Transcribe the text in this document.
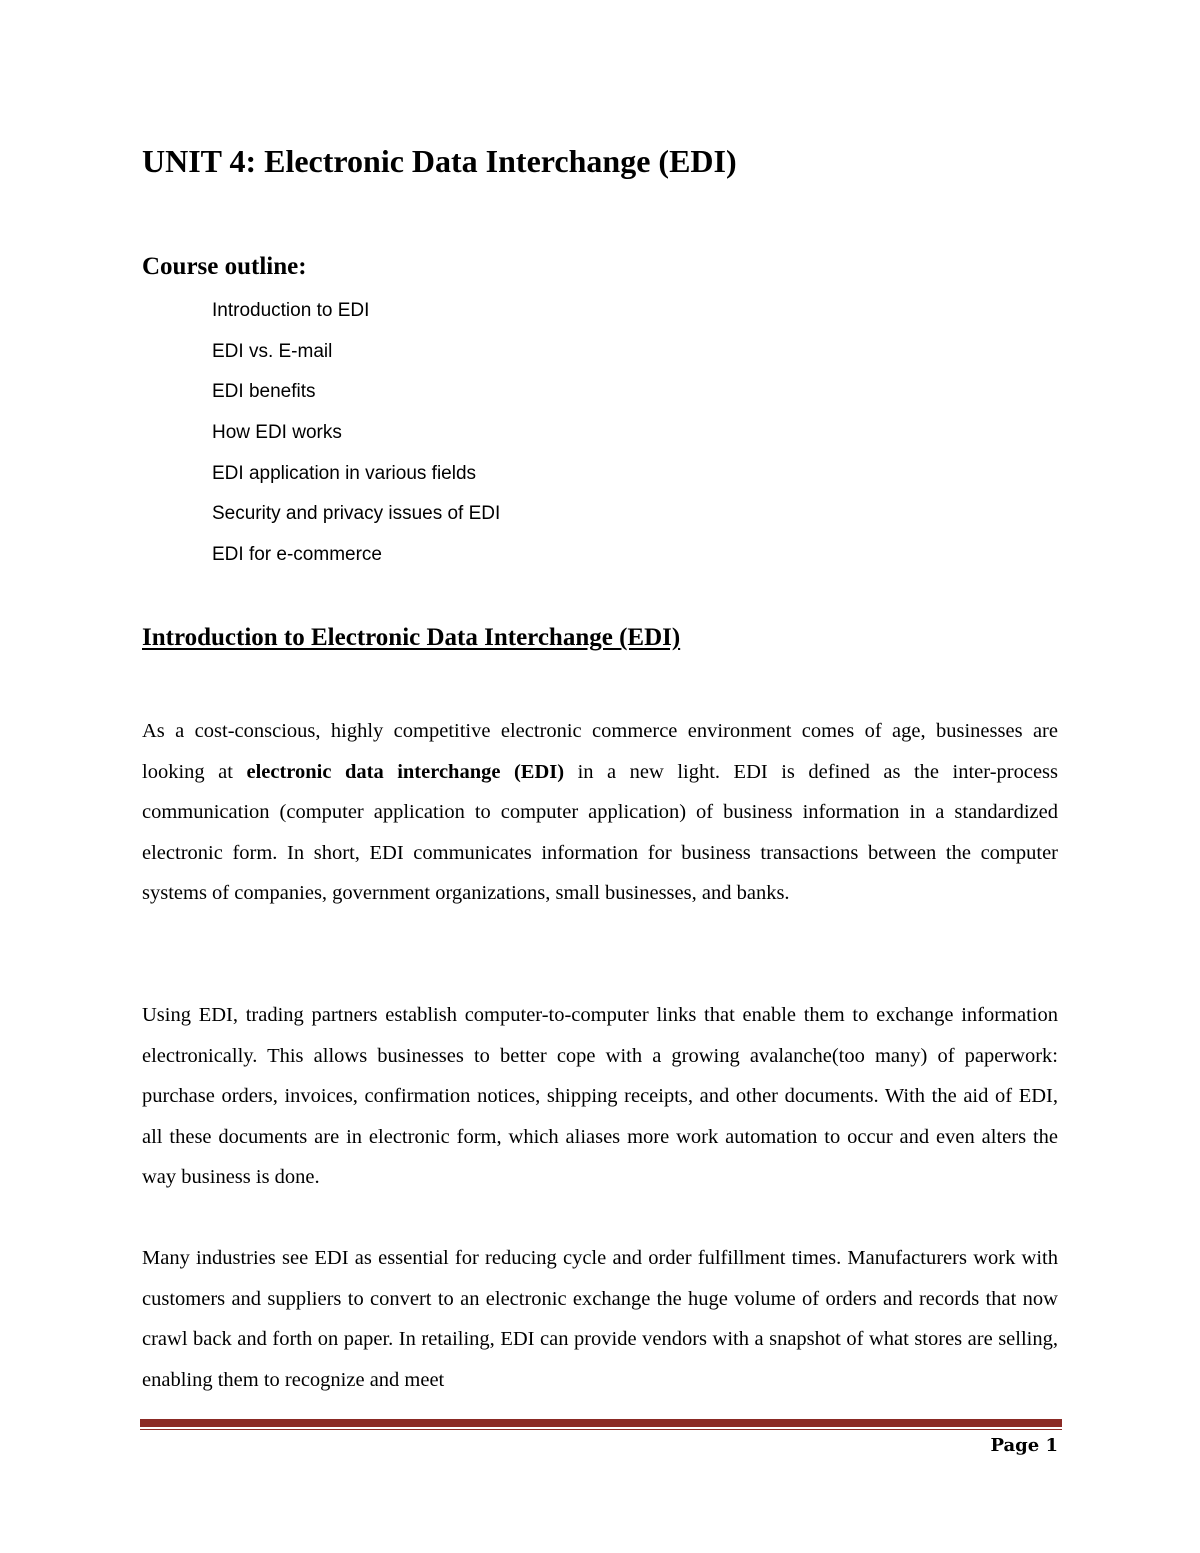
UNIT 4: Electronic Data Interchange (EDI)
Course outline:
Introduction to EDI
EDI vs. E-mail
EDI benefits
How EDI works
EDI application in various fields
Security and privacy issues of EDI
EDI for e-commerce
Introduction to Electronic Data Interchange (EDI)

As a cost-conscious, highly competitive electronic commerce environment comes of age, businesses are looking at electronic data interchange (EDI) in a new light. EDI is defined as the inter-process communication (computer application to computer application) of business information in a standardized electronic form. In short, EDI communicates information for business transactions between the computer systems of companies, government organizations, small businesses, and banks.

Using EDI, trading partners establish computer-to-computer links that enable them to exchange information electronically. This allows businesses to better cope with a growing avalanche(too many) of paperwork: purchase orders, invoices, confirmation notices, shipping receipts, and other documents. With the aid of EDI, all these documents are in electronic form, which aliases more work automation to occur and even alters the way business is done.

Many industries see EDI as essential for reducing cycle and order fulfillment times. Manufacturers work with customers and suppliers to convert to an electronic exchange the huge volume of orders and records that now crawl back and forth on paper. In retailing, EDI can provide vendors with a snapshot of what stores are selling, enabling them to recognize and meet

Page 1
